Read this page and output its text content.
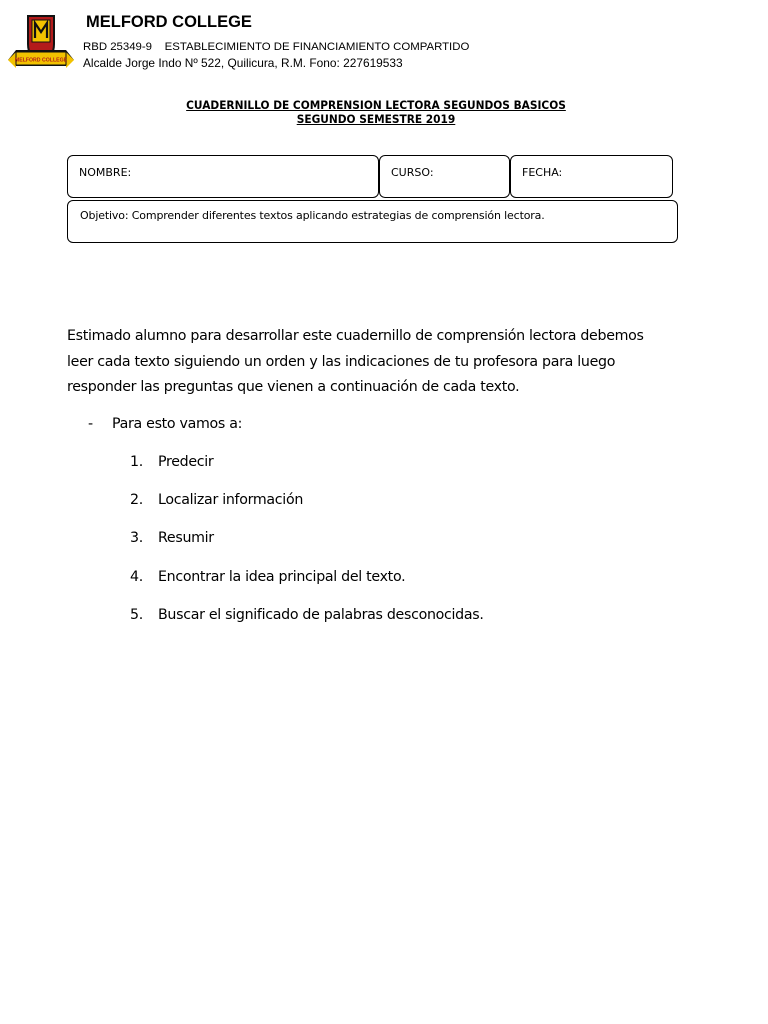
MELFORD COLLEGE
MELFORD COLLEGE
RBD 25349-9    ESTABLECIMIENTO DE FINANCIAMIENTO COMPARTIDO
Alcalde Jorge Indo Nº 522, Quilicura, R.M. Fono: 227619533
CUADERNILLO DE COMPRENSION LECTORA SEGUNDOS BASICOS
SEGUNDO SEMESTRE 2019
NOMBRE:	CURSO:	FECHA:
Objetivo: Comprender diferentes textos aplicando estrategias de comprensión lectora.
Estimado alumno para desarrollar este cuadernillo de comprensión lectora debemos
leer cada texto siguiendo un orden y las indicaciones de tu profesora para luego
responder las preguntas que vienen a continuación de cada texto.
- Para esto vamos a:
1. Predecir
2. Localizar información
3. Resumir
4. Encontrar la idea principal del texto.
5. Buscar el significado de palabras desconocidas.
